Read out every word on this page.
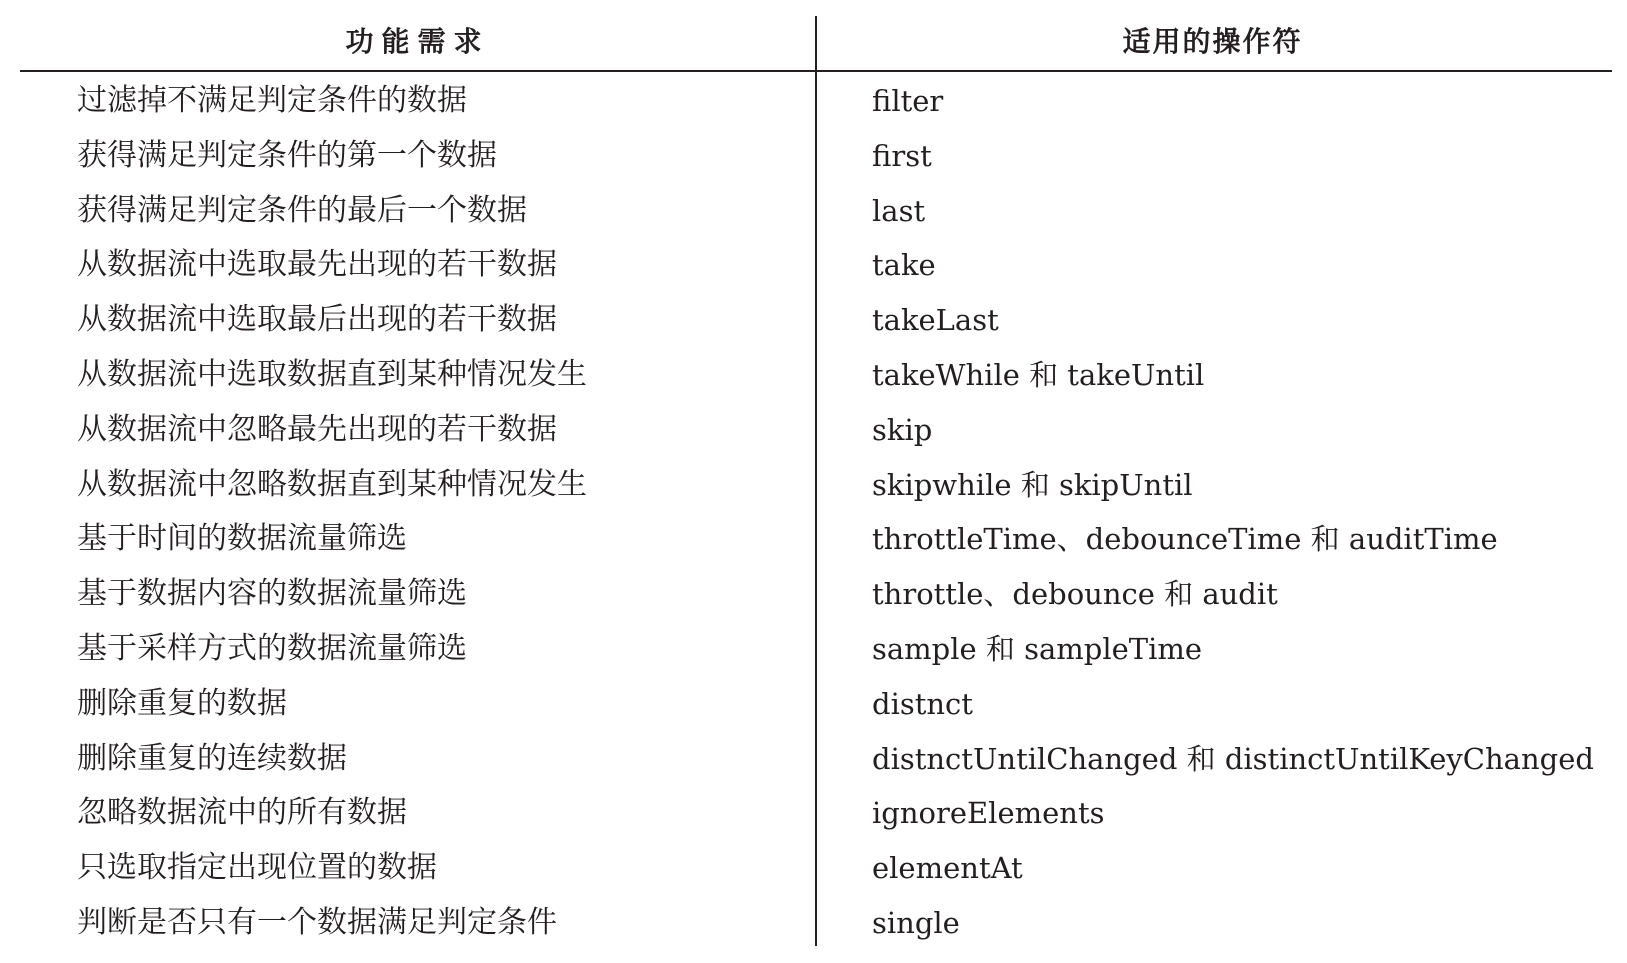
功能需求	适用的操作符
过滤掉不满足判定条件的数据	filter
获得满足判定条件的第一个数据	first
获得满足判定条件的最后一个数据	last
从数据流中选取最先出现的若干数据	take
从数据流中选取最后出现的若干数据	takeLast
从数据流中选取数据直到某种情况发生	takeWhile 和 takeUntil
从数据流中忽略最先出现的若干数据	skip
从数据流中忽略数据直到某种情况发生	skipwhile 和 skipUntil
基于时间的数据流量筛选	throttleTime、debounceTime 和 auditTime
基于数据内容的数据流量筛选	throttle、debounce 和 audit
基于采样方式的数据流量筛选	sample 和 sampleTime
删除重复的数据	distnct
删除重复的连续数据	distnctUntilChanged 和 distinctUntilKeyChanged
忽略数据流中的所有数据	ignoreElements
只选取指定出现位置的数据	elementAt
判断是否只有一个数据满足判定条件	single
